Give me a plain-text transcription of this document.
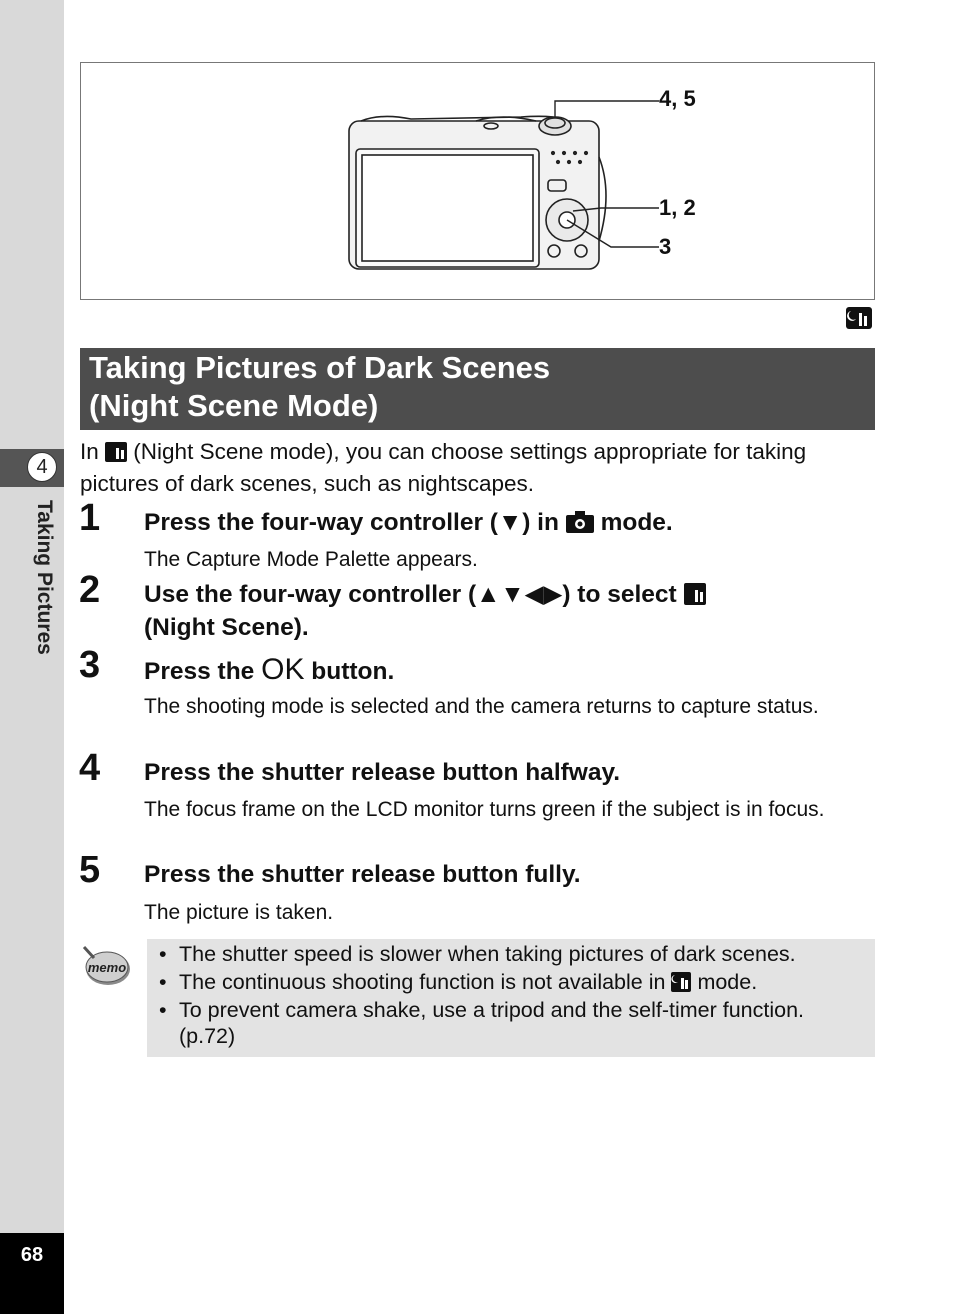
4
Taking Pictures
68
4, 5
1, 2
3
Taking Pictures of Dark Scenes
(Night Scene Mode)
In (Night Scene mode), you can choose settings appropriate for taking pictures of dark scenes, such as nightscapes.
1 Press the four-way controller (▼) in mode.
The Capture Mode Palette appears.
2 Use the four-way controller (▲▼◀▶) to select
(Night Scene).
3 Press the OK button.
The shooting mode is selected and the camera returns to capture status.
4 Press the shutter release button halfway.
The focus frame on the LCD monitor turns green if the subject is in focus.
5 Press the shutter release button fully.
The picture is taken.
memo
• The shutter speed is slower when taking pictures of dark scenes.
• The continuous shooting function is not available in mode.
• To prevent camera shake, use a tripod and the self-timer function.
(p.72)
